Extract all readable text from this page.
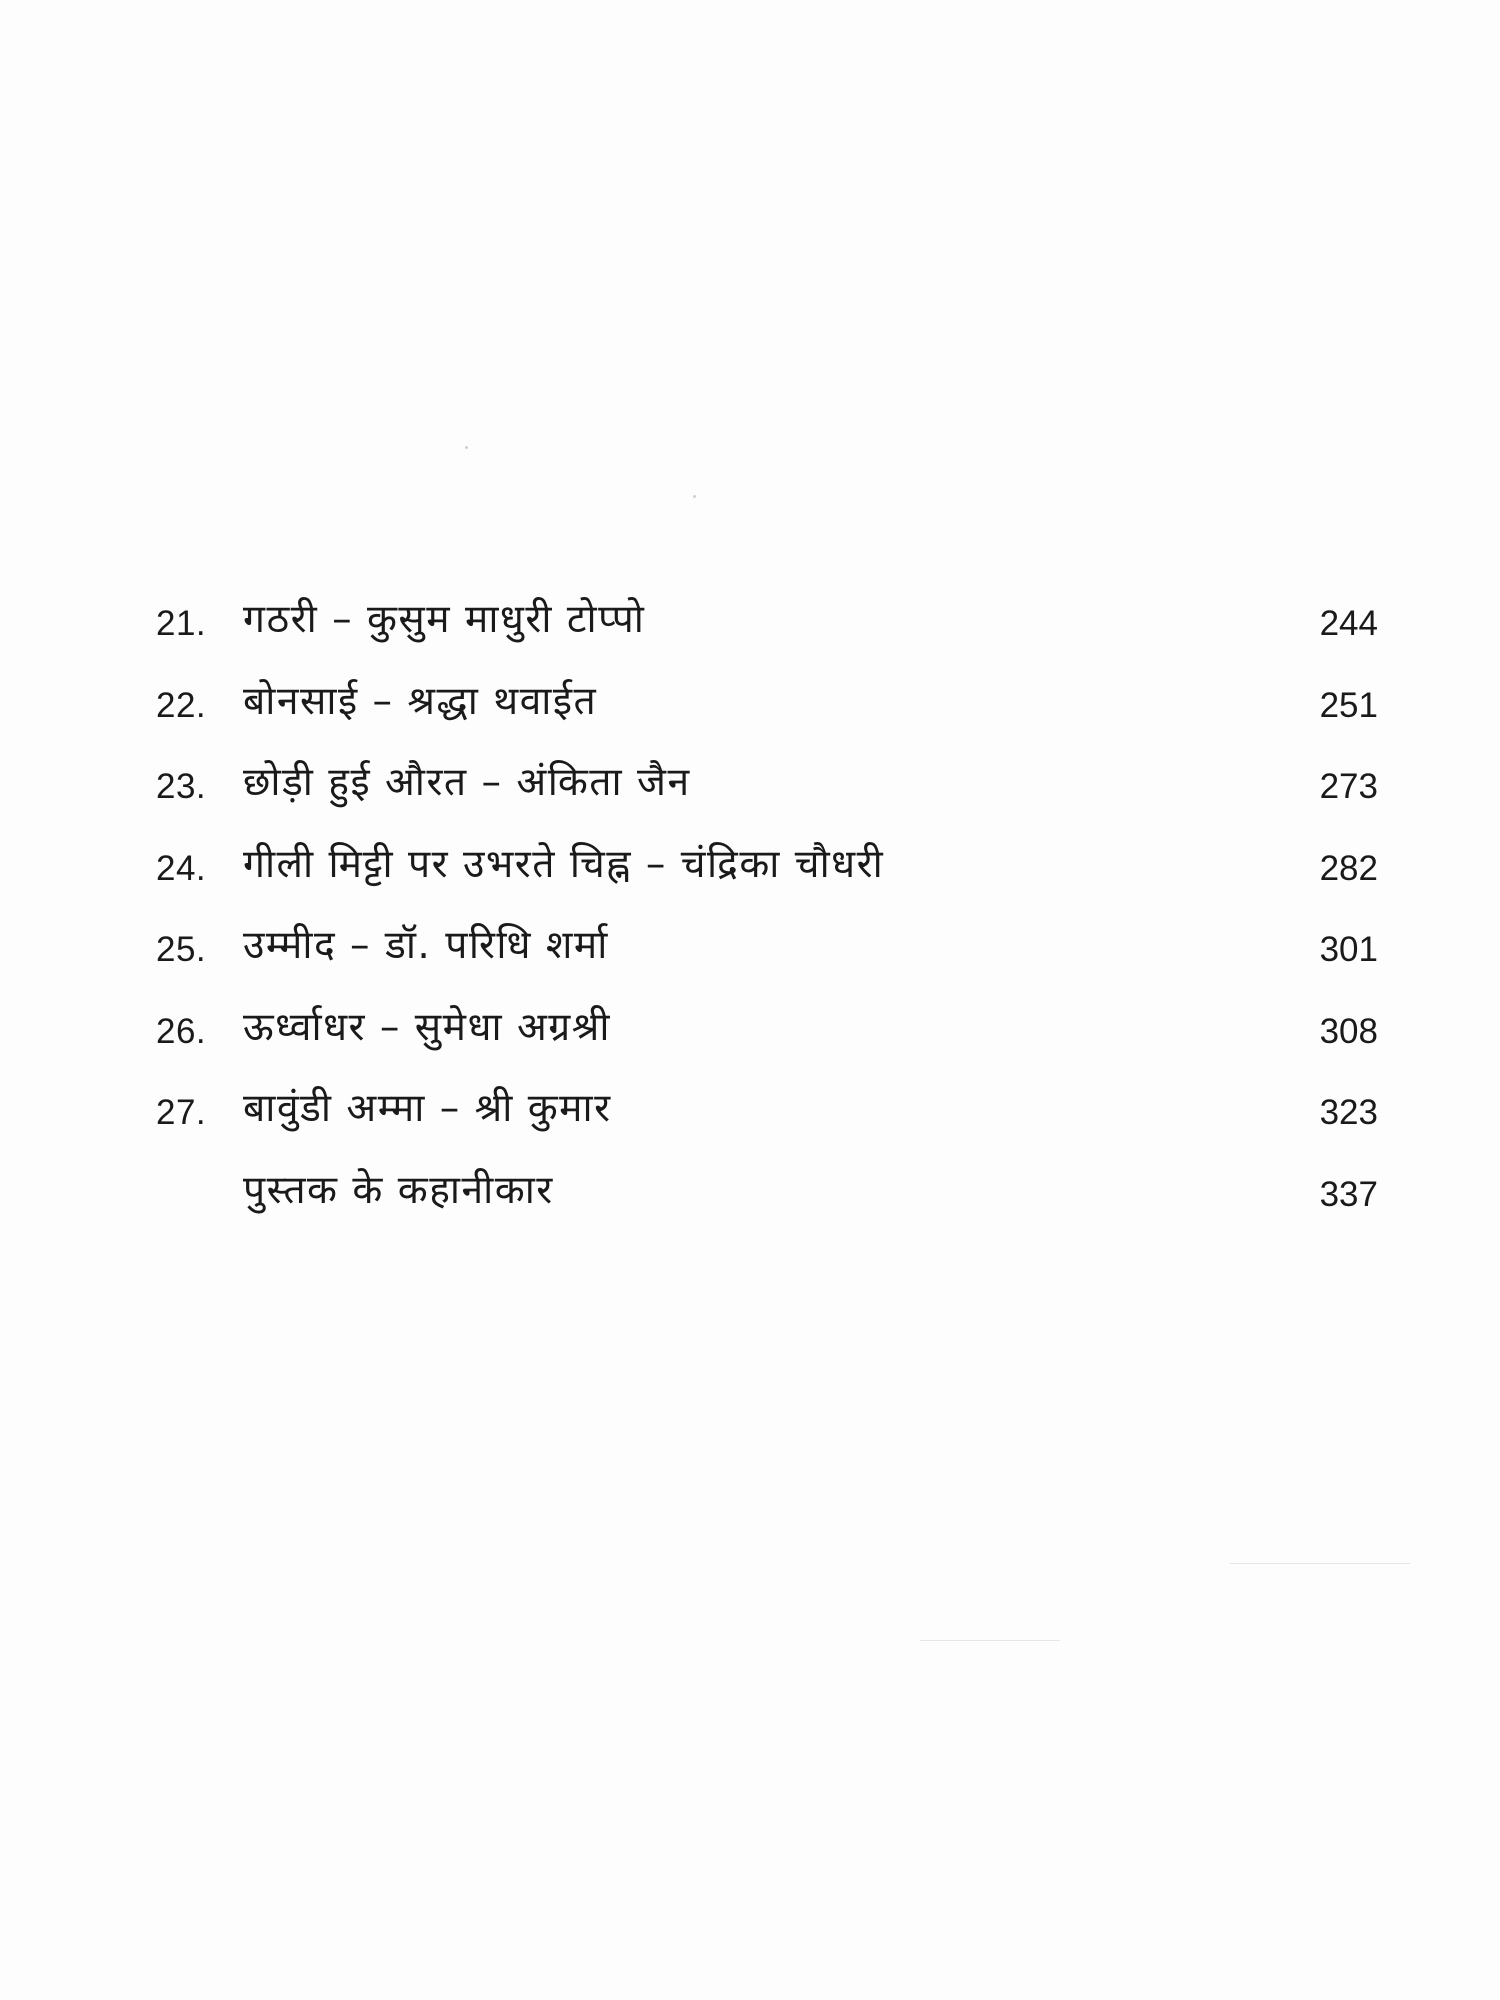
21. गठरी – कुसुम माधुरी टोप्पो	244
22. बोनसाई – श्रद्धा थवाईत	251
23. छोड़ी हुई औरत – अंकिता जैन	273
24. गीली मिट्टी पर उभरते चिह्न – चंद्रिका चौधरी	282
25. उम्मीद – डॉ. परिधि शर्मा	301
26. ऊर्ध्वाधर – सुमेधा अग्रश्री	308
27. बावुंडी अम्मा – श्री कुमार	323
पुस्तक के कहानीकार	337
